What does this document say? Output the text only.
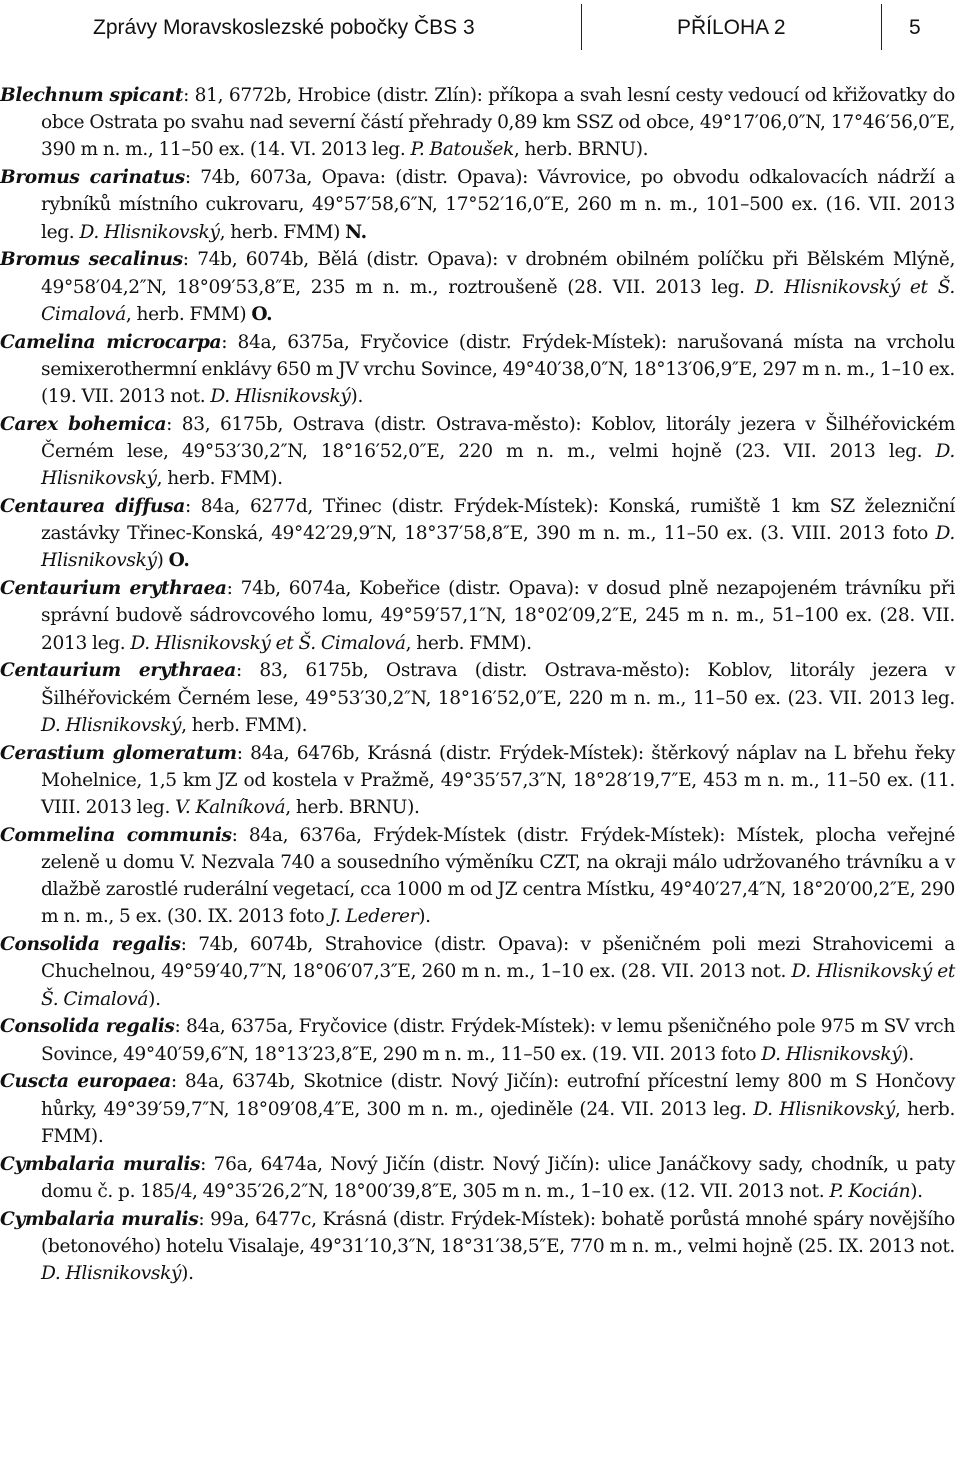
Zprávy Moravskoslezské pobočky ČBS 3	PŘÍLOHA 2	5

Blechnum spicant: 81, 6772b, Hrobice (distr. Zlín): příkopa a svah lesní cesty vedoucí od křižovatky do obce Ostrata po svahu nad severní částí přehrady 0,89 km SSZ od obce, 49°17′06,0″N, 17°46′56,0″E, 390 m n. m., 11–50 ex. (14. VI. 2013 leg. P. Batoušek, herb. BRNU).

Bromus carinatus: 74b, 6073a, Opava: (distr. Opava): Vávrovice, po obvodu odkalovacích nádrží a rybníků místního cukrovaru, 49°57′58,6″N, 17°52′16,0″E, 260 m n. m., 101–500 ex. (16. VII. 2013 leg. D. Hlisnikovský, herb. FMM) N.

Bromus secalinus: 74b, 6074b, Bělá (distr. Opava): v drobném obilném políčku při Bělském Mlýně, 49°58′04,2″N, 18°09′53,8″E, 235 m n. m., roztroušeně (28. VII. 2013 leg. D. Hlisnikovský et Š. Cimalová, herb. FMM) O.

Camelina microcarpa: 84a, 6375a, Fryčovice (distr. Frýdek-Místek): narušovaná místa na vrcholu semixerothermní enklávy 650 m JV vrchu Sovince, 49°40′38,0″N, 18°13′06,9″E, 297 m n. m., 1–10 ex. (19. VII. 2013 not. D. Hlisnikovský).

Carex bohemica: 83, 6175b, Ostrava (distr. Ostrava-město): Koblov, litorály jezera v Šilhéřovickém Černém lese, 49°53′30,2″N, 18°16′52,0″E, 220 m n. m., velmi hojně (23. VII. 2013 leg. D. Hlisnikovský, herb. FMM).

Centaurea diffusa: 84a, 6277d, Třinec (distr. Frýdek-Místek): Konská, rumiště 1 km SZ železniční zastávky Třinec-Konská, 49°42′29,9″N, 18°37′58,8″E, 390 m n. m., 11–50 ex. (3. VIII. 2013 foto D. Hlisnikovský) O.

Centaurium erythraea: 74b, 6074a, Kobeřice (distr. Opava): v dosud plně nezapojeném trávníku při správní budově sádrovcového lomu, 49°59′57,1″N, 18°02′09,2″E, 245 m n. m., 51–100 ex. (28. VII. 2013 leg. D. Hlisnikovský et Š. Cimalová, herb. FMM).

Centaurium erythraea: 83, 6175b, Ostrava (distr. Ostrava-město): Koblov, litorály jezera v Šilhéřovickém Černém lese, 49°53′30,2″N, 18°16′52,0″E, 220 m n. m., 11–50 ex. (23. VII. 2013 leg. D. Hlisnikovský, herb. FMM).

Cerastium glomeratum: 84a, 6476b, Krásná (distr. Frýdek-Místek): štěrkový náplav na L břehu řeky Mohelnice, 1,5 km JZ od kostela v Pražmě, 49°35′57,3″N, 18°28′19,7″E, 453 m n. m., 11–50 ex. (11. VIII. 2013 leg. V. Kalníková, herb. BRNU).

Commelina communis: 84a, 6376a, Frýdek-Místek (distr. Frýdek-Místek): Místek, plocha veřejné zeleně u domu V. Nezvala 740 a sousedního výměníku CZT, na okraji málo udržovaného trávníku a v dlažbě zarostlé ruderální vegetací, cca 1000 m od JZ centra Místku, 49°40′27,4″N, 18°20′00,2″E, 290 m n. m., 5 ex. (30. IX. 2013 foto J. Lederer).

Consolida regalis: 74b, 6074b, Strahovice (distr. Opava): v pšeničném poli mezi Strahovicemi a Chuchelnou, 49°59′40,7″N, 18°06′07,3″E, 260 m n. m., 1–10 ex. (28. VII. 2013 not. D. Hlisnikovský et Š. Cimalová).

Consolida regalis: 84a, 6375a, Fryčovice (distr. Frýdek-Místek): v lemu pšeničného pole 975 m SV vrch Sovince, 49°40′59,6″N, 18°13′23,8″E, 290 m n. m., 11–50 ex. (19. VII. 2013 foto D. Hlisnikovský).

Cuscta europaea: 84a, 6374b, Skotnice (distr. Nový Jičín): eutrofní přícestní lemy 800 m S Hončovy hůrky, 49°39′59,7″N, 18°09′08,4″E, 300 m n. m., ojediněle (24. VII. 2013 leg. D. Hlisnikovský, herb. FMM).

Cymbalaria muralis: 76a, 6474a, Nový Jičín (distr. Nový Jičín): ulice Janáčkovy sady, chodník, u paty domu č. p. 185/4, 49°35′26,2″N, 18°00′39,8″E, 305 m n. m., 1–10 ex. (12. VII. 2013 not. P. Kocián).

Cymbalaria muralis: 99a, 6477c, Krásná (distr. Frýdek-Místek): bohatě porůstá mnohé spáry novějšího (betonového) hotelu Visalaje, 49°31′10,3″N, 18°31′38,5″E, 770 m n. m., velmi hojně (25. IX. 2013 not. D. Hlisnikovský).
